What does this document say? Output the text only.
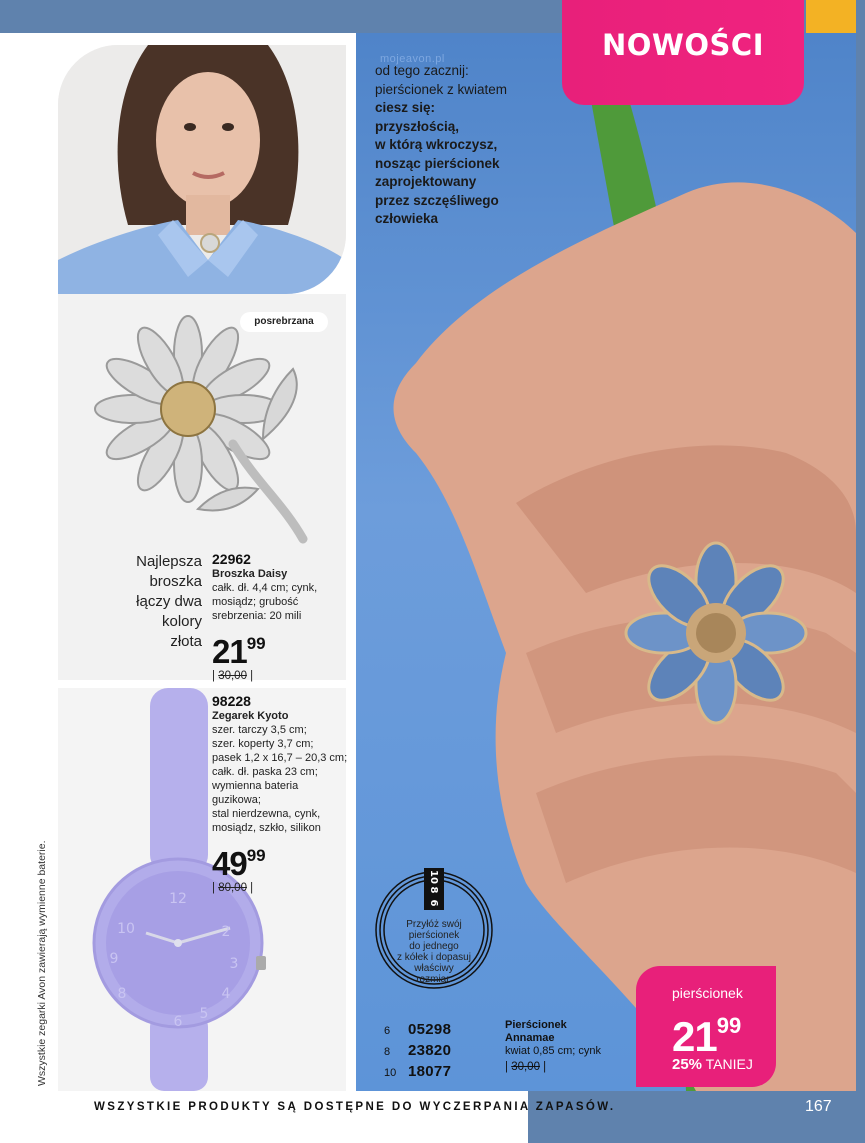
NOWOŚCI
mojeavon.pl
od tego zacznij:
pierścionek z kwiatem
ciesz się:
przyszłością,
w którą wkroczysz,
nosząc pierścionek
zaprojektowany
przez szczęśliwego
człowieka
posrebrzana
Najlepsza
broszka
łączy dwa
kolory
złota
22962
Broszka Daisy
całk. dł. 4,4 cm; cynk,
mosiądz; grubość
srebrzenia: 20 mili
$21^{99}$
| 30,00 |
12
2
3
4
5
6
8
9
10
Wszystkie zegarki Avon zawierają wymienne baterie.
98228
Zegarek Kyoto
szer. tarczy 3,5 cm;
szer. koperty 3,7 cm;
pasek 1,2 x 16,7 – 20,3 cm;
całk. dł. paska 23 cm;
wymienna bateria
guzikowa;
stal nierdzewna, cynk,
mosiądz, szkło, silikon
$49^{99}$
| 80,00 |
10
8
6
Przyłóż swój
pierścionek
do jednego
z kółek i dopasuj
właściwy
rozmiar.
6	05298
8	23820
10 18077
Pierścionek
Annamae
kwiat 0,85 cm; cynk
| 30,00 |
pierścionek
$21^{99}$
25% TANIEJ
WSZYSTKIE PRODUKTY SĄ DOSTĘPNE DO WYCZERPANIA ZAPASÓW.	167
